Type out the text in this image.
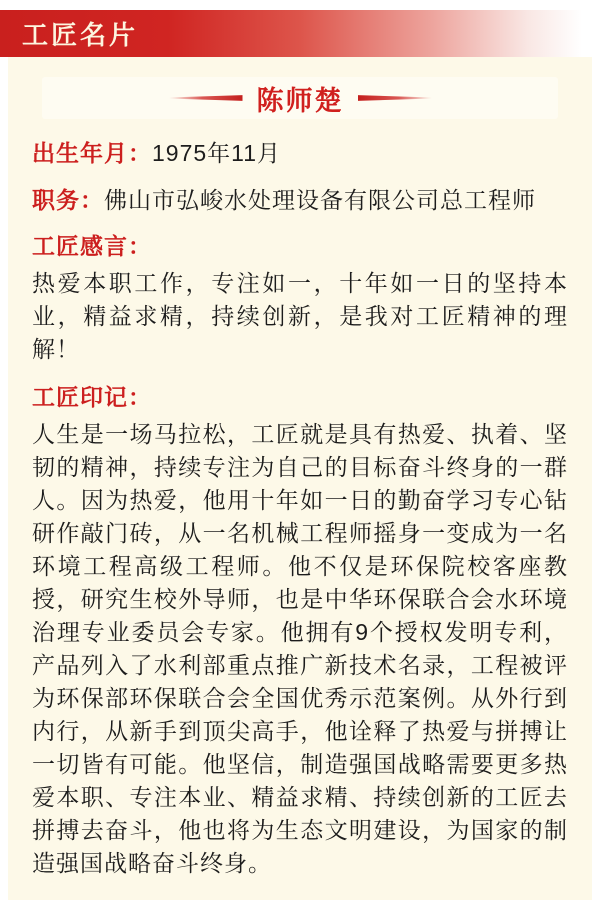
工匠名片
陈师楚
出生年月：1975年11月
职务：佛山市弘峻水处理设备有限公司总工程师
工匠感言：

热爱本职工作，专注如一，十年如一日的坚持本业，精益求精，持续创新，是我对工匠精神的理解！

工匠印记：

人生是一场马拉松，工匠就是具有热爱、执着、坚韧的精神，持续专注为自己的目标奋斗终身的一群人。因为热爱，他用十年如一日的勤奋学习专心钻研作敲门砖，从一名机械工程师摇身一变成为一名环境工程高级工程师。他不仅是环保院校客座教授，研究生校外导师，也是中华环保联合会水环境治理专业委员会专家。他拥有9个授权发明专利，产品列入了水利部重点推广新技术名录，工程被评为环保部环保联合会全国优秀示范案例。从外行到内行，从新手到顶尖高手，他诠释了热爱与拼搏让一切皆有可能。他坚信，制造强国战略需要更多热爱本职、专注本业、精益求精、持续创新的工匠去拼搏去奋斗，他也将为生态文明建设，为国家的制造强国战略奋斗终身。
